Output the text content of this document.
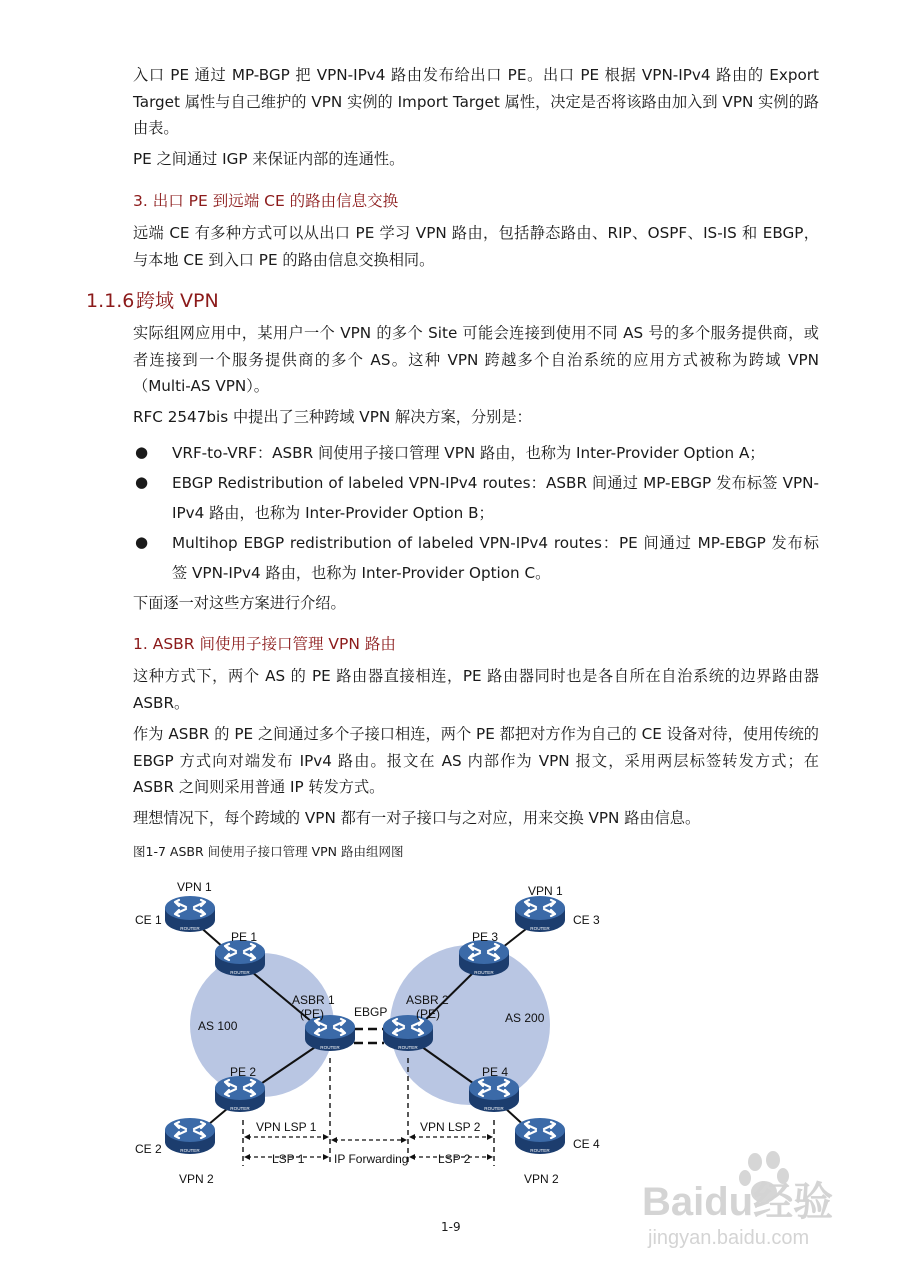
入口 PE 通过 MP-BGP 把 VPN-IPv4 路由发布给出口 PE。出口 PE 根据 VPN-IPv4 路由的 Export Target 属性与自己维护的 VPN 实例的 Import Target 属性，决定是否将该路由加入到 VPN 实例的路由表。

PE 之间通过 IGP 来保证内部的连通性。

3. 出口 PE 到远端 CE 的路由信息交换

远端 CE 有多种方式可以从出口 PE 学习 VPN 路由，包括静态路由、RIP、OSPF、IS-IS 和 EBGP，与本地 CE 到入口 PE 的路由信息交换相同。

1.1.6跨域 VPN

实际组网应用中，某用户一个 VPN 的多个 Site 可能会连接到使用不同 AS 号的多个服务提供商，或者连接到一个服务提供商的多个 AS。这种 VPN 跨越多个自治系统的应用方式被称为跨域 VPN（Multi-AS VPN）。

RFC 2547bis 中提出了三种跨域 VPN 解决方案，分别是：

● VRF-to-VRF：ASBR 间使用子接口管理 VPN 路由，也称为 Inter-Provider Option A；

● EBGP Redistribution of labeled VPN-IPv4 routes：ASBR 间通过 MP-EBGP 发布标签 VPN-IPv4 路由，也称为 Inter-Provider Option B；

● Multihop EBGP redistribution of labeled VPN-IPv4 routes：PE 间通过 MP-EBGP 发布标签 VPN-IPv4 路由，也称为 Inter-Provider Option C。

下面逐一对这些方案进行介绍。

1. ASBR 间使用子接口管理 VPN 路由

这种方式下，两个 AS 的 PE 路由器直接相连，PE 路由器同时也是各自所在自治系统的边界路由器 ASBR。

作为 ASBR 的 PE 之间通过多个子接口相连，两个 PE 都把对方作为自己的 CE 设备对待，使用传统的 EBGP 方式向对端发布 IPv4 路由。报文在 AS 内部作为 VPN 报文，采用两层标签转发方式；在 ASBR 之间则采用普通 IP 转发方式。

理想情况下，每个跨域的 VPN 都有一对子接口与之对应，用来交换 VPN 路由信息。

图1-7 ASBR 间使用子接口管理 VPN 路由组网图

ROUTER
ROUTER
ROUTER
ROUTER
ROUTER
ROUTER
ROUTER
ROUTER
ROUTER
ROUTER
VPN 1
CE 1
PE 1
AS 100
ASBR 1
(PE)
PE 2
CE 2
VPN 2
EBGP
ASBR 2
(PE)	AS 200
VPN 1
CE 3
PE 3
PE 4
CE 4
VPN 2
VPN LSP 1
LSP 1 IP Forwarding
VPN LSP 2
LSP 2
1-9
Baidu经验
jingyan.baidu.com
